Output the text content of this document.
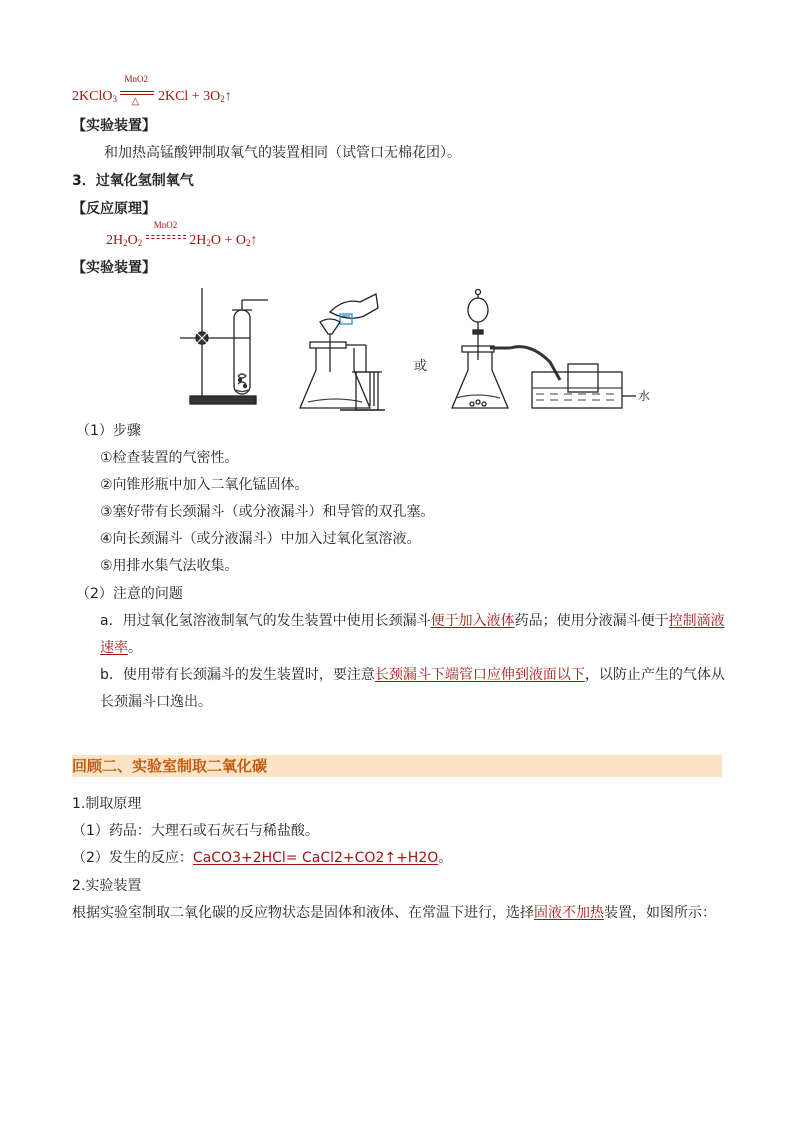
2KClO$_3$
MnO2
△ $2KCl + 3O_2↑$
【实验装置】
和加热高锰酸钾制取氧气的装置相同（试管口无棉花团）。
3．过氧化氢制氧气
【反应原理】
$2H_2O_2$
MnO2
$2H_2O$ + $O_2↑$
【实验装置】
或
水
（1）步骤
①检查装置的气密性。
②向锥形瓶中加入二氧化锰固体。
③塞好带有长颈漏斗（或分液漏斗）和导管的双孔塞。
④向长颈漏斗（或分液漏斗）中加入过氧化氢溶液。
⑤用排水集气法收集。
（2）注意的问题
a．用过氧化氢溶液制氧气的发生装置中使用长颈漏斗便于加入液体药品；使用分液漏斗便于控制滴液
速率。
b．使用带有长颈漏斗的发生装置时，要注意长颈漏斗下端管口应伸到液面以下，以防止产生的气体从
长颈漏斗口逸出。
回顾二、实验室制取二氧化碳
1.制取原理
（1）药品：大理石或石灰石与稀盐酸。
（2）发生的反应：CaCO3+2HCl= CaCl2+CO2↑+H2O。
2.实验装置
根据实验室制取二氧化碳的反应物状态是固体和液体、在常温下进行，选择固液不加热装置，如图所示：
